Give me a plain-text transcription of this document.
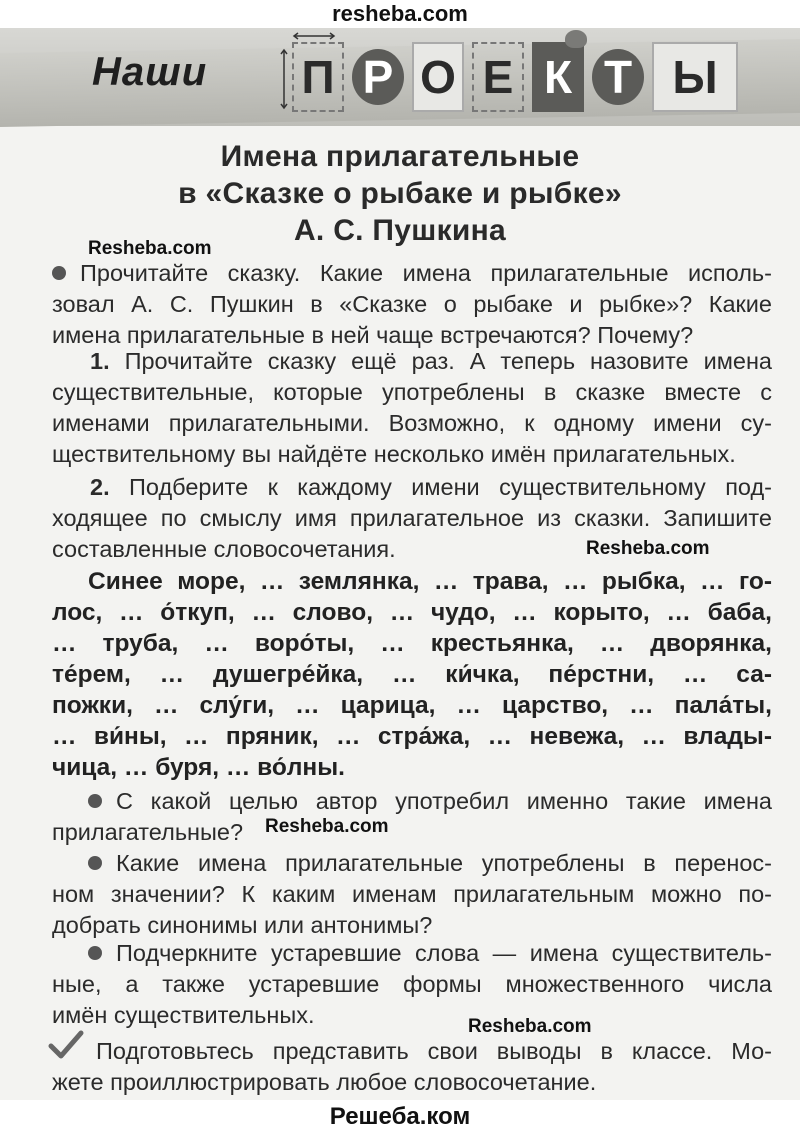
resheba.com
Наши П Р О Е К Т Ы
Имена прилагательные
в «Сказке о рыбаке и рыбке»
А. С. Пушкина
Resheba.com
Прочитайте сказку. Какие имена прилагательные исполь-
зовал А. С. Пушкин в «Сказке о рыбаке и рыбке»? Какие
имена прилагательные в ней чаще встречаются? Почему?
1. Прочитайте сказку ещё раз. А теперь назовите имена
существительные, которые употреблены в сказке вместе с
именами прилагательными. Возможно, к одному имени су-
ществительному вы найдёте несколько имён прилагательных.
2. Подберите к каждому имени существительному под-
ходящее по смыслу имя прилагательное из сказки. Запишите
составленные словосочетания.	Resheba.com
Синее море, … землянка, … трава, … рыбка, … го-
лос, … о́ткуп, … слово, … чудо, … корыто, … баба,
… труба, … воро́ты, … крестьянка, … дворянка,
те́рем, … душегре́йка, … ки́чка, пе́рстни, … са-
пожки, … слу́ги, … царица, … царство, … пала́ты,
… ви́ны, … пряник, … стра́жа, … невежа, … влады-
чица, … буря, … во́лны.
С какой целью автор употребил именно такие имена
прилагательные?	Resheba.com
Какие имена прилагательные употреблены в перенос-
ном значении? К каким именам прилагательным можно по-
добрать синонимы или антонимы?
Подчеркните устаревшие слова — имена существитель-
ные, а также устаревшие формы множественного числа
имён существительных.	Resheba.com
Подготовьтесь представить свои выводы в классе. Мо-
жете проиллюстрировать любое словосочетание.
Решеба.ком
